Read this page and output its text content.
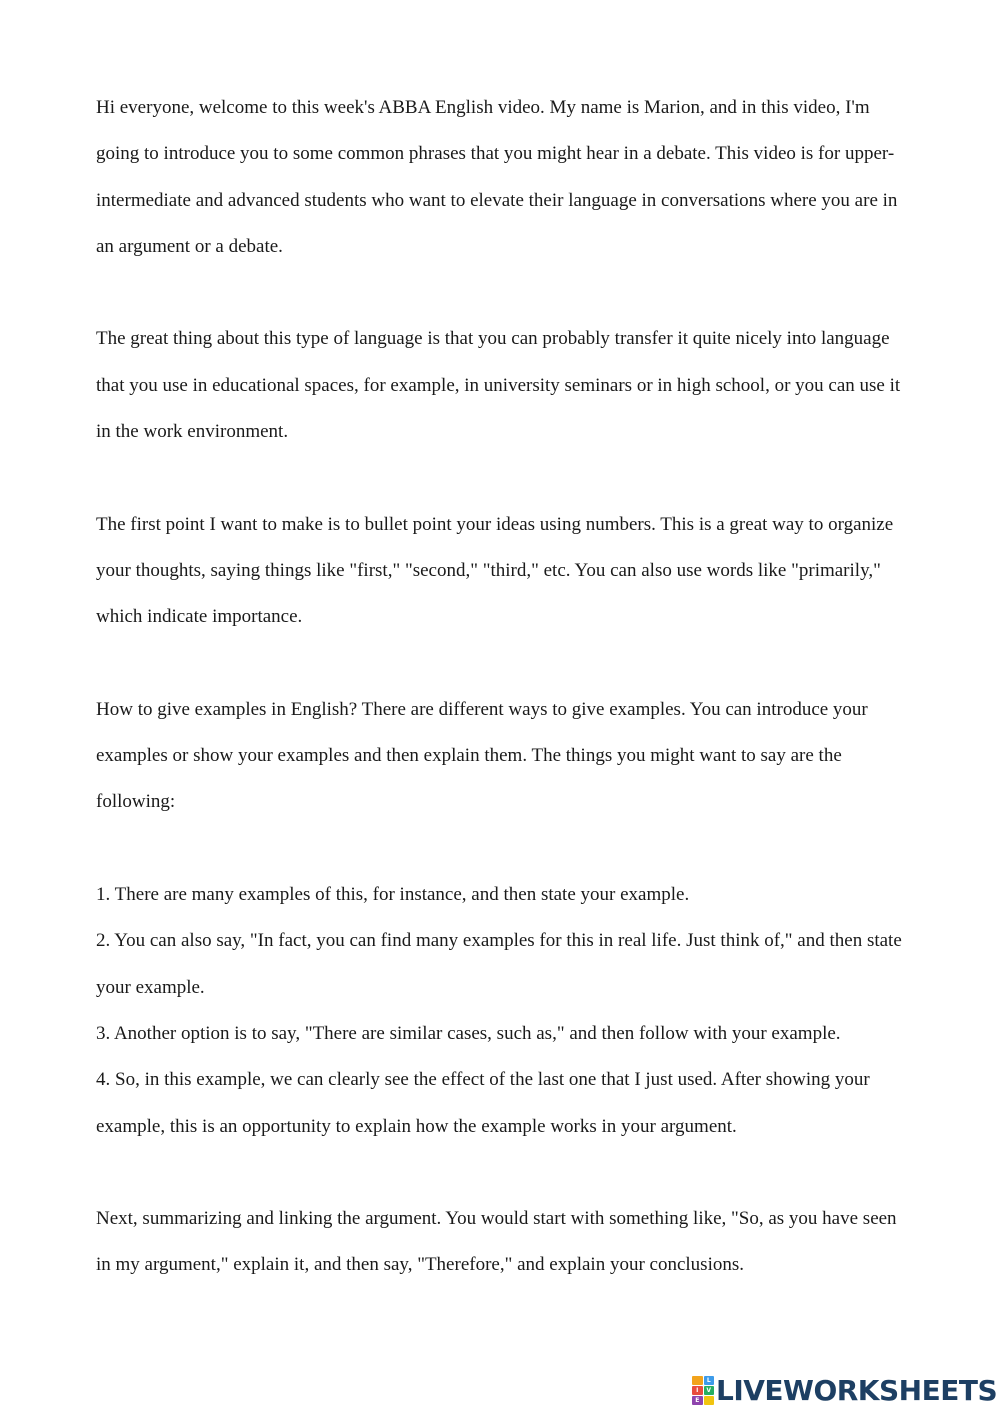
Hi everyone, welcome to this week's ABBA English video. My name is Marion, and in this video, I'm going to introduce you to some common phrases that you might hear in a debate. This video is for upper-intermediate and advanced students who want to elevate their language in conversations where you are in an argument or a debate.

The great thing about this type of language is that you can probably transfer it quite nicely into language that you use in educational spaces, for example, in university seminars or in high school, or you can use it in the work environment.

The first point I want to make is to bullet point your ideas using numbers. This is a great way to organize your thoughts, saying things like "first," "second," "third," etc. You can also use words like "primarily," which indicate importance.

How to give examples in English? There are different ways to give examples. You can introduce your examples or show your examples and then explain them. The things you might want to say are the following:

1. There are many examples of this, for instance, and then state your example.

2. You can also say, "In fact, you can find many examples for this in real life. Just think of," and then state your example.

3. Another option is to say, "There are similar cases, such as," and then follow with your example.

4. So, in this example, we can clearly see the effect of the last one that I just used. After showing your example, this is an opportunity to explain how the example works in your argument.

Next, summarizing and linking the argument. You would start with something like, "So, as you have seen in my argument," explain it, and then say, "Therefore," and explain your conclusions.

L
I	V
E LIVEWORKSHEETS
